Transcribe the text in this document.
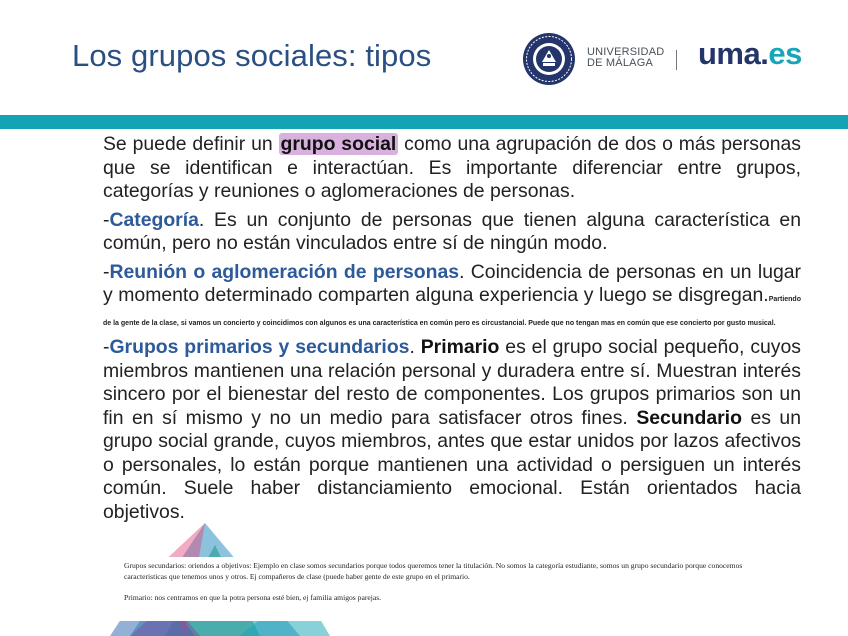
Los grupos sociales: tipos	UNIVERSIDAD
DE MÁLAGA	uma.es

Se puede definir un grupo social como una agrupación de dos o más personas que se identifican e interactúan. Es importante diferenciar entre grupos, categorías y reuniones o aglomeraciones de personas.

-Categoría. Es un conjunto de personas que tienen alguna característica en común, pero no están vinculados entre sí de ningún modo.

-Reunión o aglomeración de personas. Coincidencia de personas en un lugar y momento determinado comparten alguna experiencia y luego se disgregan.Partiendo de la gente de la clase, si vamos un concierto y coincidimos con algunos es una característica en común pero es circustancial. Puede que no tengan mas en común que ese concierto por gusto musical.

-Grupos primarios y secundarios. Primario es el grupo social pequeño, cuyos miembros mantienen una relación personal y duradera entre sí. Muestran interés sincero por el bienestar del resto de componentes. Los grupos primarios son un fin en sí mismo y no un medio para satisfacer otros fines. Secundario es un grupo social grande, cuyos miembros, antes que estar unidos por lazos afectivos o personales, lo están porque mantienen una actividad o persiguen un interés común. Suele haber distanciamiento emocional. Están orientados hacia objetivos.

Grupos secundarios: oriendos a objetivos: Ejemplo en clase somos secundarios porque todos queremos tener la titulación. No somos la categoría estudiante, somos un grupo secundario porque conocemos caracteristicas que tenemos unos y otros. Ej compañeros de clase (puede haber gente de este grupo en el primario.

Primario: nos centramos en que la potra persona esté bien, ej familia amigos parejas.
